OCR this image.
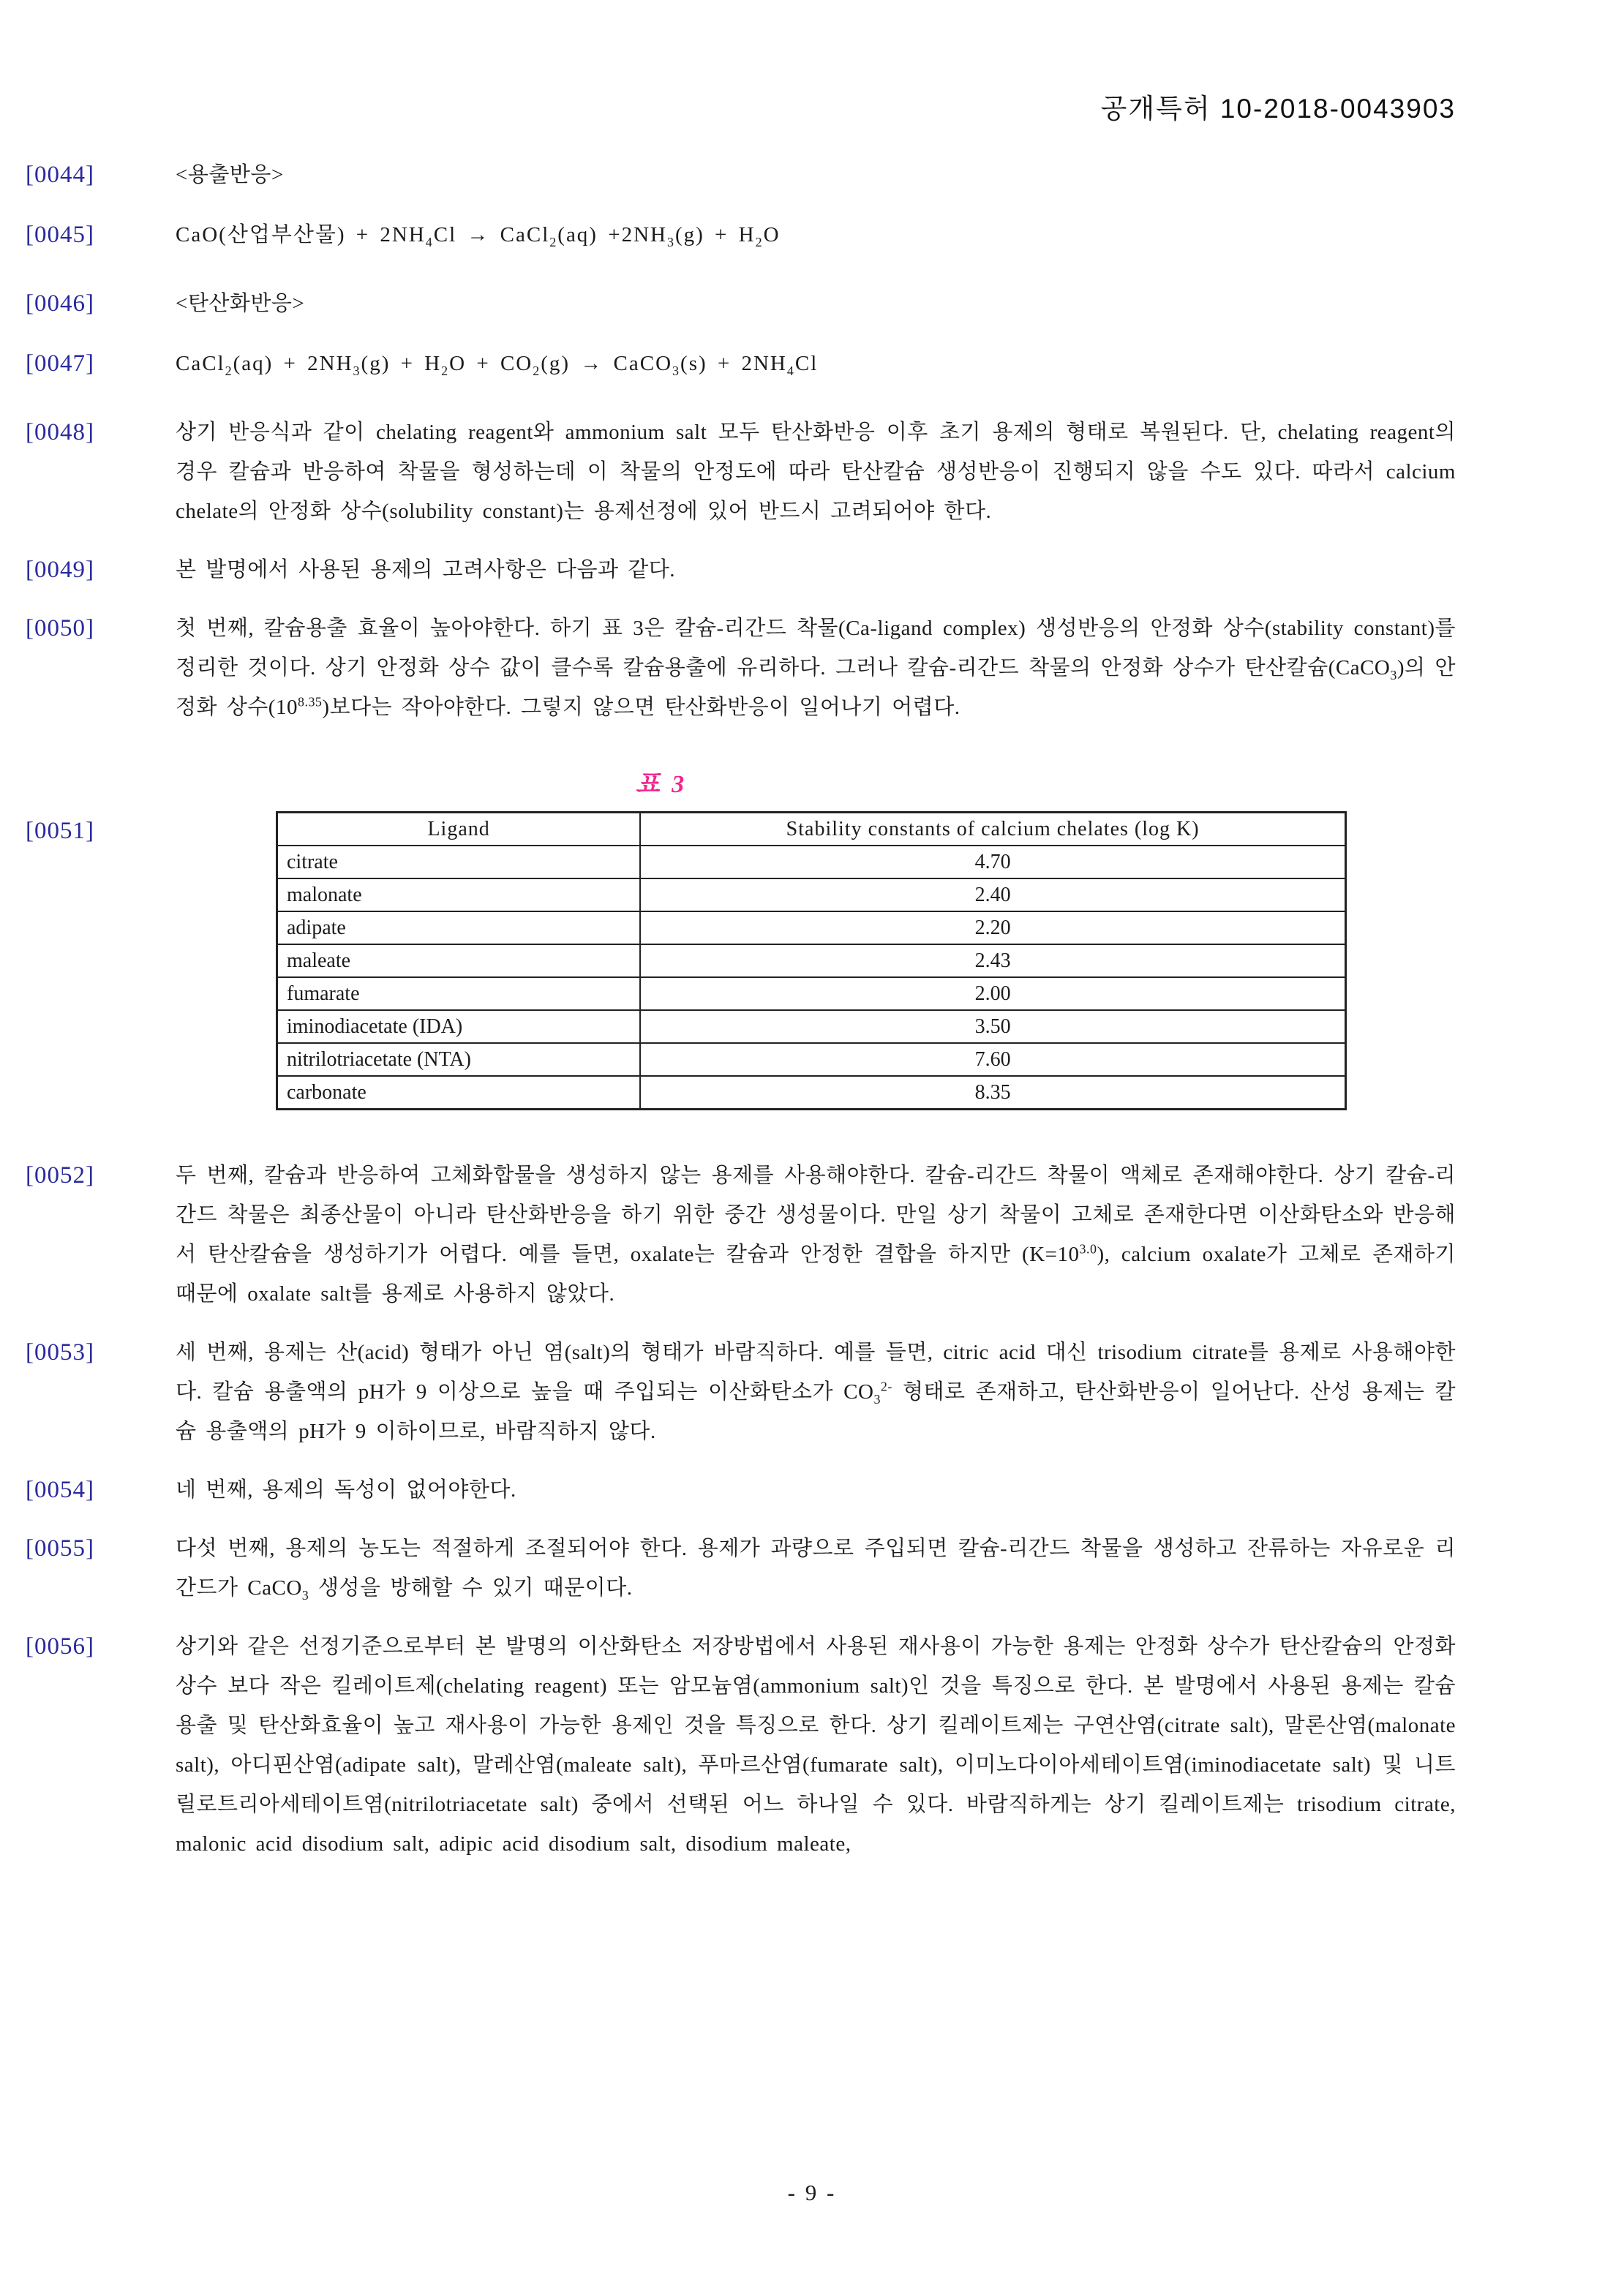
공개특허 10-2018-0043903
[0044]	<용출반응>
[0045]	CaO(산업부산물) + $2NH_4Cl$ → CaCl$_2$(aq) $+2NH_3(g) + H_2O$
[0046]	<탄산화반응>
[0047]	CaCl$_2$(aq) + $2NH_3(g) + H_2O + CO_2(g)$ → CaCO$_3$(s) + $2NH_4Cl$
[0048]	상기 반응식과 같이 chelating reagent와 ammonium salt 모두 탄산화반응 이후 초기 용제의 형태로 복원된다. 단, chelating reagent의 경우 칼슘과 반응하여 착물을 형성하는데 이 착물의 안정도에 따라 탄산칼슘 생성반응이 진행되지 않을 수도 있다. 따라서 calcium chelate의 안정화 상수(solubility constant)는 용제선정에 있어 반드시 고려되어야 한다.
[0049]	본 발명에서 사용된 용제의 고려사항은 다음과 같다.
[0050]	첫 번째, 칼슘용출 효율이 높아야한다. 하기 표 3은 칼슘-리간드 착물(Ca-ligand complex) 생성반응의 안정화 상수(stability constant)를 정리한 것이다. 상기 안정화 상수 값이 클수록 칼슘용출에 유리하다. 그러나 칼슘-리간드 착물의 안정화 상수가 탄산칼슘(CaCO$_3$)의 안정화 상수$(10^{8.35})$보다는 작아야한다. 그렇지 않으면 탄산화반응이 일어나기 어렵다.
표 3
[0051]	Ligand	Stability constants of calcium chelates (log K)
citrate	4.70
malonate	2.40
adipate	2.20
maleate	2.43
fumarate	2.00
iminodiacetate (IDA)	3.50
nitrilotriacetate (NTA)	7.60
carbonate	8.35
[0052]	두 번째, 칼슘과 반응하여 고체화합물을 생성하지 않는 용제를 사용해야한다. 칼슘-리간드 착물이 액체로 존재해야한다. 상기 칼슘-리간드 착물은 최종산물이 아니라 탄산화반응을 하기 위한 중간 생성물이다. 만일 상기 착물이 고체로 존재한다면 이산화탄소와 반응해서 탄산칼슘을 생성하기가 어렵다. 예를 들면, oxalate는 칼슘과 안정한 결합을 하지만 $(K=10^{3.0})$, calcium oxalate가 고체로 존재하기 때문에 oxalate salt를 용제로 사용하지 않았다.
[0053]	세 번째, 용제는 산(acid) 형태가 아닌 염(salt)의 형태가 바람직하다. 예를 들면, citric acid 대신 trisodium citrate를 용제로 사용해야한다. 칼슘 용출액의 pH가 9 이상으로 높을 때 주입되는 이산화탄소가 $CO_3^{2-}$ 형태로 존재하고, 탄산화반응이 일어난다. 산성 용제는 칼슘 용출액의 pH가 9 이하이므로, 바람직하지 않다.
[0054]	네 번째, 용제의 독성이 없어야한다.
[0055]	다섯 번째, 용제의 농도는 적절하게 조절되어야 한다. 용제가 과량으로 주입되면 칼슘-리간드 착물을 생성하고 잔류하는 자유로운 리간드가 CaCO$_3$ 생성을 방해할 수 있기 때문이다.
[0056]	상기와 같은 선정기준으로부터 본 발명의 이산화탄소 저장방법에서 사용된 재사용이 가능한 용제는 안정화 상수가 탄산칼슘의 안정화 상수 보다 작은 킬레이트제(chelating reagent) 또는 암모늄염(ammonium salt)인 것을 특징으로 한다. 본 발명에서 사용된 용제는 칼슘 용출 및 탄산화효율이 높고 재사용이 가능한 용제인 것을 특징으로 한다. 상기 킬레이트제는 구연산염(citrate salt), 말론산염(malonate salt), 아디핀산염(adipate salt), 말레산염(maleate salt), 푸마르산염(fumarate salt), 이미노다이아세테이트염(iminodiacetate salt) 및 니트릴로트리아세테이트염(nitrilotriacetate salt) 중에서 선택된 어느 하나일 수 있다. 바람직하게는 상기 킬레이트제는 trisodium citrate, malonic acid disodium salt, adipic acid disodium salt, disodium maleate,
- 9 -
